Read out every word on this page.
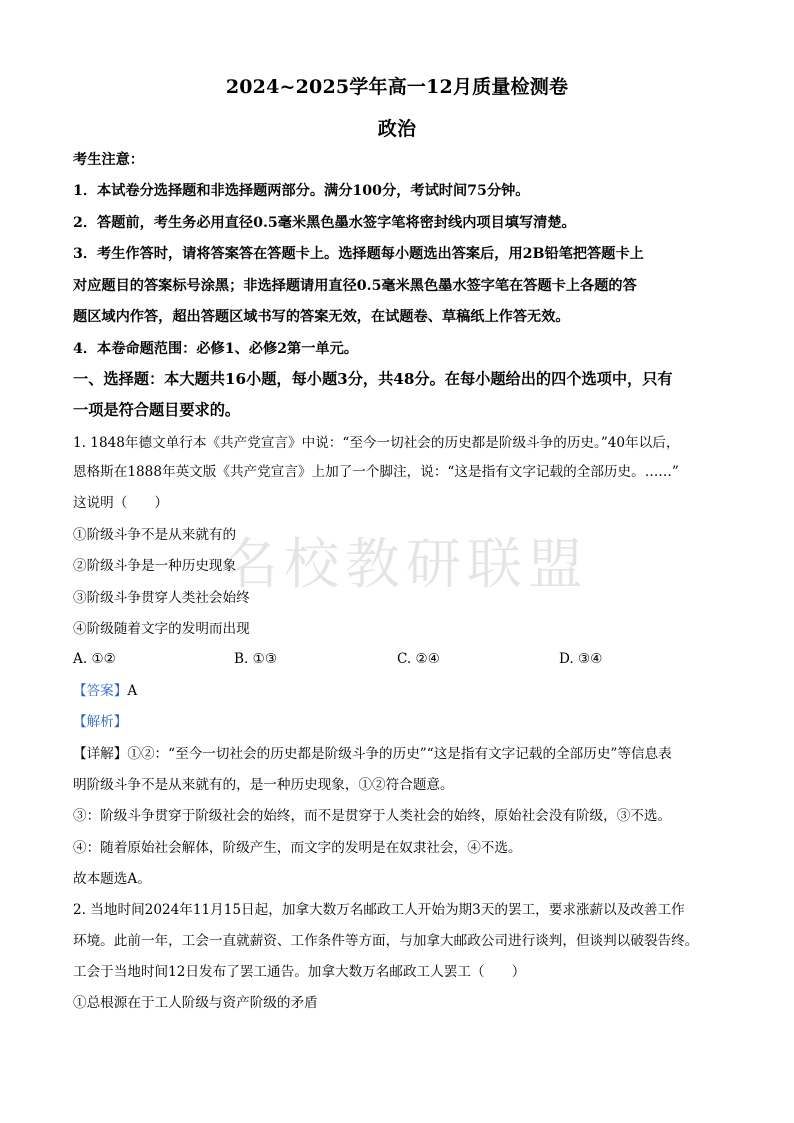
名校教研联盟
2024~2025学年高一12月质量检测卷
政治
考生注意：
1．本试卷分选择题和非选择题两部分。满分100分，考试时间75分钟。
2．答题前，考生务必用直径0.5毫米黑色墨水签字笔将密封线内项目填写清楚。
3．考生作答时，请将答案答在答题卡上。选择题每小题选出答案后，用2B铅笔把答题卡上
对应题目的答案标号涂黑；非选择题请用直径0.5毫米黑色墨水签字笔在答题卡上各题的答
题区域内作答，超出答题区域书写的答案无效，在试题卷、草稿纸上作答无效。
4．本卷命题范围：必修1、必修2第一单元。
一、选择题：本大题共16小题，每小题3分，共48分。在每小题给出的四个选项中，只有
一项是符合题目要求的。
1. 1848年德文单行本《共产党宣言》中说：“至今一切社会的历史都是阶级斗争的历史。”40年以后，
恩格斯在1888年英文版《共产党宣言》上加了一个脚注，说：“这是指有文字记载的全部历史。……”
这说明（　　）
①阶级斗争不是从来就有的
②阶级斗争是一种历史现象
③阶级斗争贯穿人类社会始终
④阶级随着文字的发明而出现
A. ①②	B. ①③	C. ②④	D. ③④
【答案】A
【解析】
【详解】①②：“至今一切社会的历史都是阶级斗争的历史”“这是指有文字记载的全部历史”等信息表
明阶级斗争不是从来就有的，是一种历史现象，①②符合题意。
③：阶级斗争贯穿于阶级社会的始终，而不是贯穿于人类社会的始终，原始社会没有阶级，③不选。
④：随着原始社会解体，阶级产生，而文字的发明是在奴隶社会，④不选。
故本题选A。
2. 当地时间2024年11月15日起，加拿大数万名邮政工人开始为期3天的罢工，要求涨薪以及改善工作
环境。此前一年，工会一直就薪资、工作条件等方面，与加拿大邮政公司进行谈判，但谈判以破裂告终。
工会于当地时间12日发布了罢工通告。加拿大数万名邮政工人罢工（　　）
①总根源在于工人阶级与资产阶级的矛盾
